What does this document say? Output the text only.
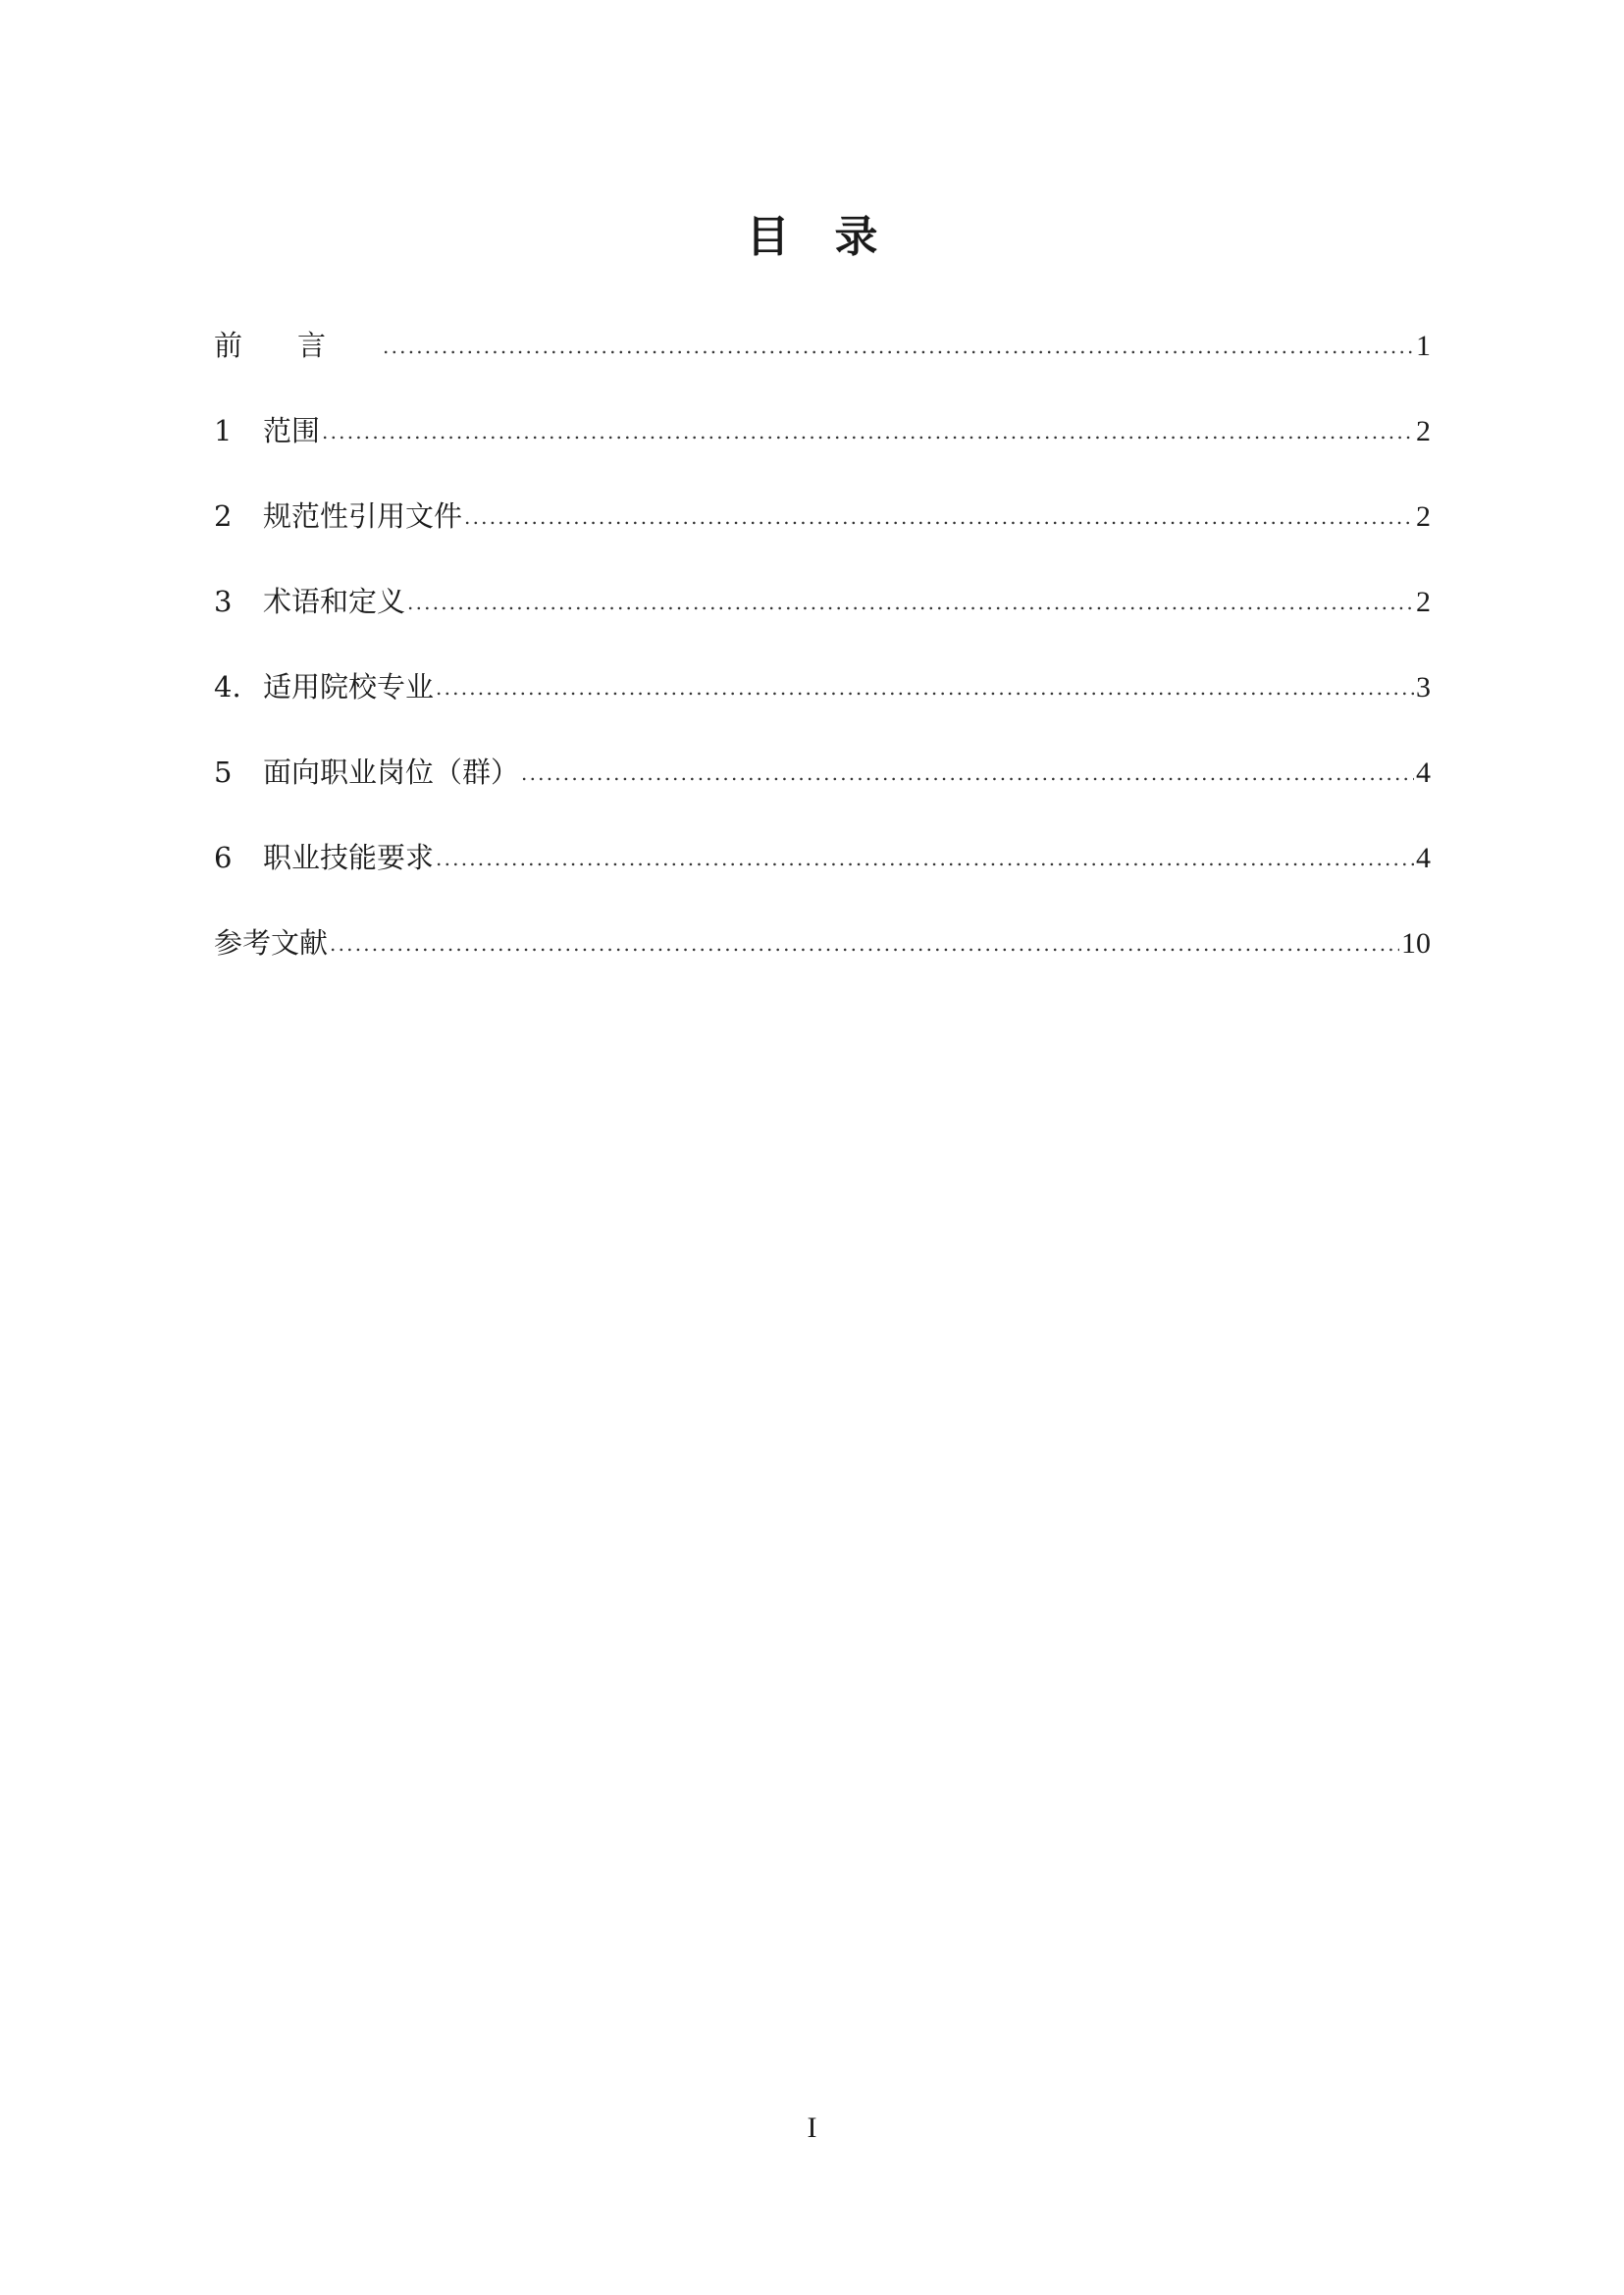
目录
前言 .....	1
1	范围 .....	2
2	规范性引用文件 .....	2
3	术语和定义 .....	2
4. 适用院校专业 .....	3
5	面向职业岗位（群） .....	4
6	职业技能要求 .....	4
参考文献 .....	10

I
